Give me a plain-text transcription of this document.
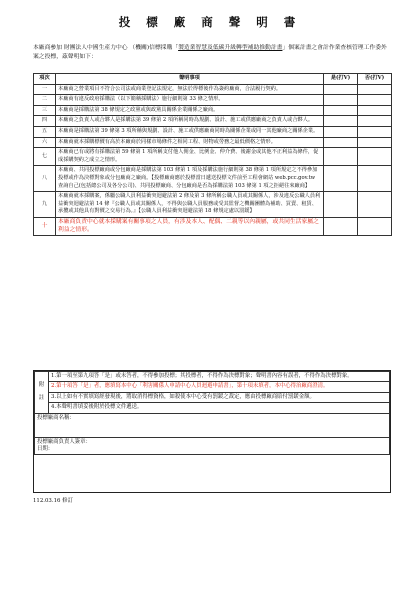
投 標 廠 商 聲 明 書
本廠商參加 財團法人中國生產力中心 （機關)信標採購「製造業智慧及低碳升級轉型補助推動計畫」個案計畫之會計作業查核管理工作委外案之投標，茲聲明如下：
項次	聲明事項	是(打V)	否(打V)
一	本廠商之營業項目不符合公司法或商業登記法規定，無法於得標後作為簽約廠商，合法履行契約。		
二	本廠商有違反政府採購法（以下簡稱採購法）施行細則第 33 條之情形。		
三	本廠商是採購法第 38 條規定之政黨或與政黨具關係企業關係之廠商。		
四	本廠商之負責人或合夥人是採購法第 39 條第 2 項所稱同時為規劃、設計、施工或供應廠商之負責人或合夥人。		
五	本廠商是採購法第 39 條第 3 項所稱與規劃、設計、施工或供應廠商同時為關係企業或同一其他廠商之關係企業。		
六	本廠商就本採購標價有高於本廠商於同樣市場條件之相同工程、財物或勞務之最低價格之情形。		
七	本廠商已有或將有採購法第 59 條第 1 項所稱支付他人佣金、比例金、仲介費、後謝金或其他不正利益為條件，促成採購契約之成立之情形。		
八	本廠商、共同投標廠商或分包廠商是採購法第 103 條第 1 項及採購法施行細則第 38 條第 1 項所規定之不得參加投標或作為決標對象或分包廠商之廠商。【投標廠商應於投標當日遞送投標文件前至工程會網站 web.pcc.gov.tw 查詢自己(包括總公司及各分公司)、共同投標廠商、分包廠商是否為採購法第 103 條第 1 項之拒絕往來廠商】		
九	本廠商就本採購案，係屬公職人員利益衝突迴避法第 2 條及第 3 條所稱公職人員或其關係人，涉及違反公職人員利益衝突迴避法第 14 條『公職人員或其關係人，不得與公職人員服務或受其監督之機關團體為補助、買賣、租賃、承攬或其他具有對價之交易行為。』【公職人員利益衝突迴避法第 18 條規定處以罰鍰】		
十	本廠商負責中心就本採購案有關事項之人員，有涉及本人、配偶、二親等以內親屬，或共同生活家屬之利益之情形。		
附
註
	1.第一項至第九項答「是」或未答者，不得參加投標；其投標者，不得作為決標對象；聲明書內容有誤者，不得作為決標對象。
2.第十項答「是」者，應填寫本中心「利害關係人申請中心人員迴避申請書」，第十項未填者，本中心得治廠商澄清。
3.以上如有不實填寫經發現後，將取消得標資格，如殺使本中心受有罰鍰之裁定，應由投標廠商賠付罰鍰金額。
4.本聲明書填妥後附於投標文件遞送。
投標廠商名稱：

投標廠商負責人簽章：
日期：
112.03.16 修訂
